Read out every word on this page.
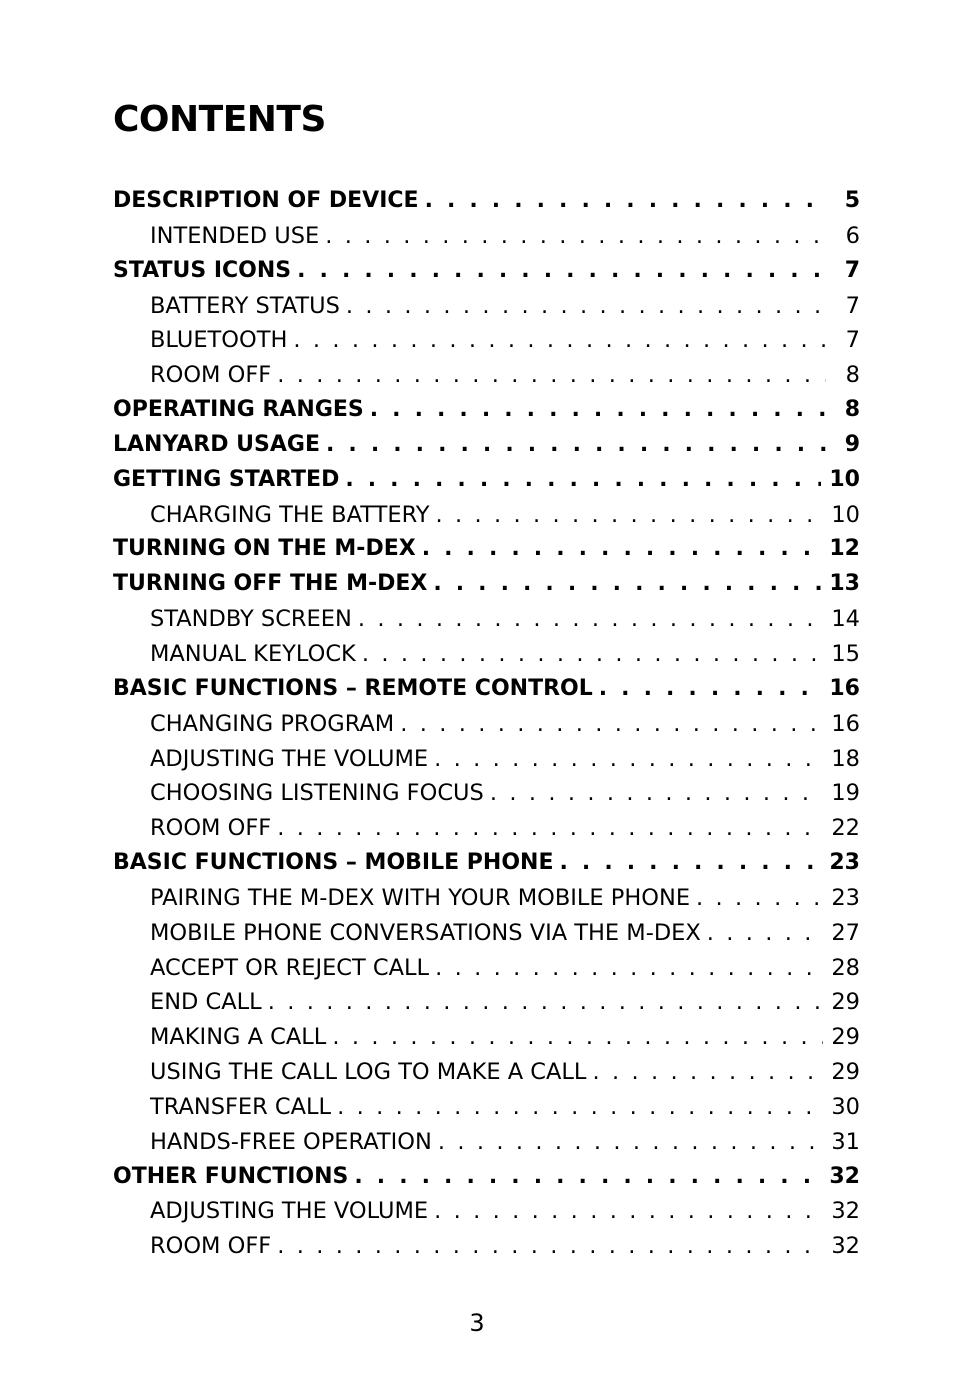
CONTENTS
DESCRIPTION OF DEVICE . . .	5
INTENDED USE . . .	6
STATUS ICONS . . .	7
BATTERY STATUS . . .	7
BLUETOOTH . . .	7
ROOM OFF . . .	8
OPERATING RANGES . . .	8
LANYARD USAGE . . .	9
GETTING STARTED . . .	10
CHARGING THE BATTERY . . .	10
TURNING ON THE M-DEX . . .	12
TURNING OFF THE M-DEX . . .	13
STANDBY SCREEN . . .	14
MANUAL KEYLOCK . . .	15
BASIC FUNCTIONS – REMOTE CONTROL . . .	16
CHANGING PROGRAM . . .	16
ADJUSTING THE VOLUME . . .	18
CHOOSING LISTENING FOCUS . . .	19
ROOM OFF . . .	22
BASIC FUNCTIONS – MOBILE PHONE . . .	23
PAIRING THE M-DEX WITH YOUR MOBILE PHONE . . .	23
MOBILE PHONE CONVERSATIONS VIA THE M-DEX . . .	27
ACCEPT OR REJECT CALL . . .	28
END CALL . . .	29
MAKING A CALL . . .	29
USING THE CALL LOG TO MAKE A CALL . . .	29
TRANSFER CALL . . .	30
HANDS-FREE OPERATION . . .	31
OTHER FUNCTIONS . . .	32
ADJUSTING THE VOLUME . . .	32
ROOM OFF . . .	32
3
